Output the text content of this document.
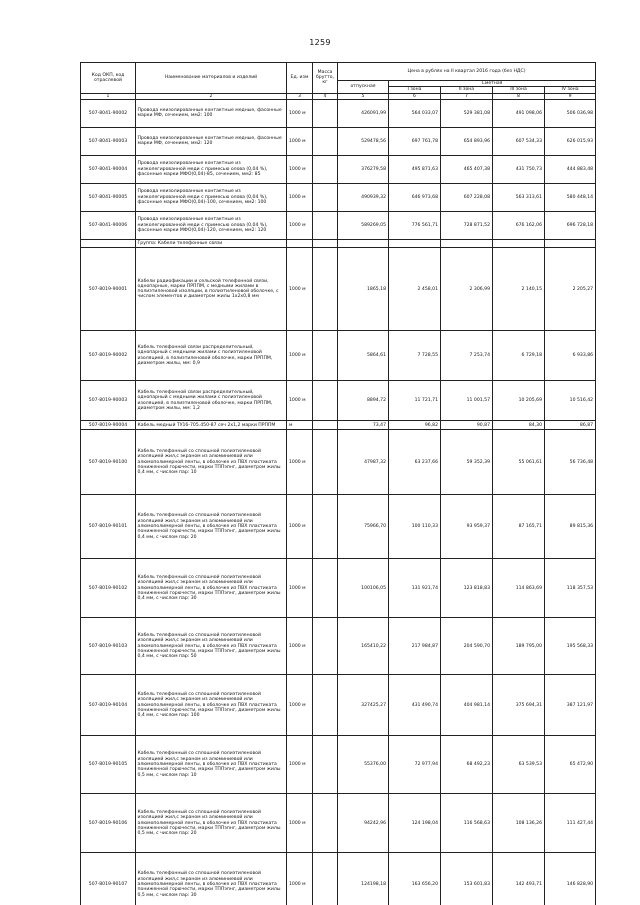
1259
Код ОКП, код отраслевой	Наименование материалов и изделий	Ед. изм	Масса брутто, кг	Цена в рублях на II квартал 2016 года (без НДС)				
				отпускная	Сметная			
					I зона	II зона	III зона	IV зона
1	2	3	4	5	6	7	8	9
507-8041-90002	Провода неизолированные контактные медные, фасонные марки МФ, сечением, мм2: 100	1000 м		426091,99	564 033,07	529 381,08	491 098,06	506 036,98
507-8041-90003	Провода неизолированные контактные медные, фасонные марки МФ, сечением, мм2: 120	1000 м		529478,56	697 761,78	654 893,96	607 534,33	626 015,93
507-8041-90004	Провода неизолированные контактные из низколегированной меди с примесью олова (0,04 %), фасонные марки МФО(0,04)-85, сечением, мм2: 85	1000 м		376279,58	495 871,63	465 407,38	431 750,73	444 883,48
507-8041-90005	Провода неизолированные контактные из низколегированной меди с примесью олова (0,04 %), фасонные марки МФО(0,04)-100, сечением, мм2: 100	1000 м		490939,32	646 973,68	607 228,08	563 313,61	580 448,14
507-8041-90006	Провода неизолированные контактные из низколегированной меди с примесью олова (0,04 %), фасонные марки МФО(0,04)-120, сечением, мм2: 120	1000 м		589269,05	776 561,71	728 871,52	676 162,06	696 728,18
	Группа: Кабели телефонные связи							
507-8019-90001	Кабели радиофикации и сельской телефонной связи, однопарные, марки ПРППМ, с медными жилами в полиэтиленовой изоляции, в полиэтиленовой оболочке, с числом элементов и диаметром жилы 1х2х0,8 мм	1000 м		1865,18	2 458,01	2 306,99	2 140,15	2 205,27
507-8019-90002	Кабель телефонной связи распределительный, однопарный с медными жилами с полиэтиленовой изоляцией, в полиэтиленовой оболочке, марки ПРППМ, диаметром жилы, мм: 0,9	1000 м		5864,61	7 728,55	7 253,74	6 729,18	6 933,86
507-8019-90003	Кабель телефонной связи распределительный, однопарный с медными жилами с полиэтиленовой изоляцией, в полиэтиленовой оболочке, марки ПРППМ, диаметром жилы, мм: 1,2	1000 м		8894,72	11 721,71	11 001,57	10 205,69	10 516,42
507-8019-90004	Кабель медный ТУ16-705.450-87 сеч 2х1,2 марки ПРППМ	м		73,47	96,82	90,87	84,30	86,87
507-8019-90100	Кабель телефонный со сплошной полиэтиленовой изоляцией жил,с экраном из алюминиевой или алюмополимерной ленты, в оболочке из ПВХ пластиката пониженной горючести, марки ТППэпнг, диаметром жилы 0,4 мм, с числом пар: 10	1000 м		47987,32	63 237,66	59 352,39	55 061,61	56 736,48
507-8019-90101	Кабель телефонный со сплошной полиэтиленовой изоляцией жил,с экраном из алюминиевой или алюмополимерной ленты, в оболочке из ПВХ пластиката пониженной горючести, марки ТППэпнг, диаметром жилы 0,4 мм, с числом пар: 20	1000 м		75966,70	100 110,33	93 959,37	87 165,71	89 815,36
507-8019-90102	Кабель телефонный со сплошной полиэтиленовой изоляцией жил,с экраном из алюминиевой или алюмополимерной ленты, в оболочке из ПВХ пластиката пониженной горючести, марки ТППэпнг, диаметром жилы 0,4 мм, с числом пар: 30	1000 м		100106,05	131 921,74	123 818,83	114 863,69	118 357,53
507-8019-90103	Кабель телефонный со сплошной полиэтиленовой изоляцией жил,с экраном из алюминиевой или алюмополимерной ленты, в оболочке из ПВХ пластиката пониженной горючести, марки ТППэпнг, диаметром жилы 0,4 мм, с числом пар: 50	1000 м		165410,22	217 984,87	204 590,70	189 795,00	195 568,33
507-8019-90104	Кабель телефонный со сплошной полиэтиленовой изоляцией жил,с экраном из алюминиевой или алюмополимерной ленты, в оболочке из ПВХ пластиката пониженной горючести, марки ТППэпнг, диаметром жилы 0,4 мм, с числом пар: 100	1000 м		327425,27	431 490,74	404 981,14	375 694,31	387 121,97
507-8019-90105	Кабель телефонный со сплошной полиэтиленовой изоляцией жил,с экраном из алюминиевой или алюмополимерной ленты, в оболочке из ПВХ пластиката пониженной горючести, марки ТППэпнг, диаметром жилы 0,5 мм, с числом пар: 10	1000 м		55376,00	72 977,94	68 492,23	63 539,53	65 472,90
507-8019-90106	Кабель телефонный со сплошной полиэтиленовой изоляцией жил,с экраном из алюминиевой или алюмополимерной ленты, в оболочке из ПВХ пластиката пониженной горючести, марки ТППэпнг, диаметром жилы 0,5 мм, с числом пар: 20	1000 м		94242,96	124 198,04	116 568,63	108 136,26	111 427,44
507-8019-90107	Кабель телефонный со сплошной полиэтиленовой изоляцией жил,с экраном из алюминиевой или алюмополимерной ленты, в оболочке из ПВХ пластиката пониженной горючести, марки ТППэпнг, диаметром жилы 0,5 мм, с числом пар: 30	1000 м		124198,18	163 656,20	153 601,83	142 493,71	146 828,90
